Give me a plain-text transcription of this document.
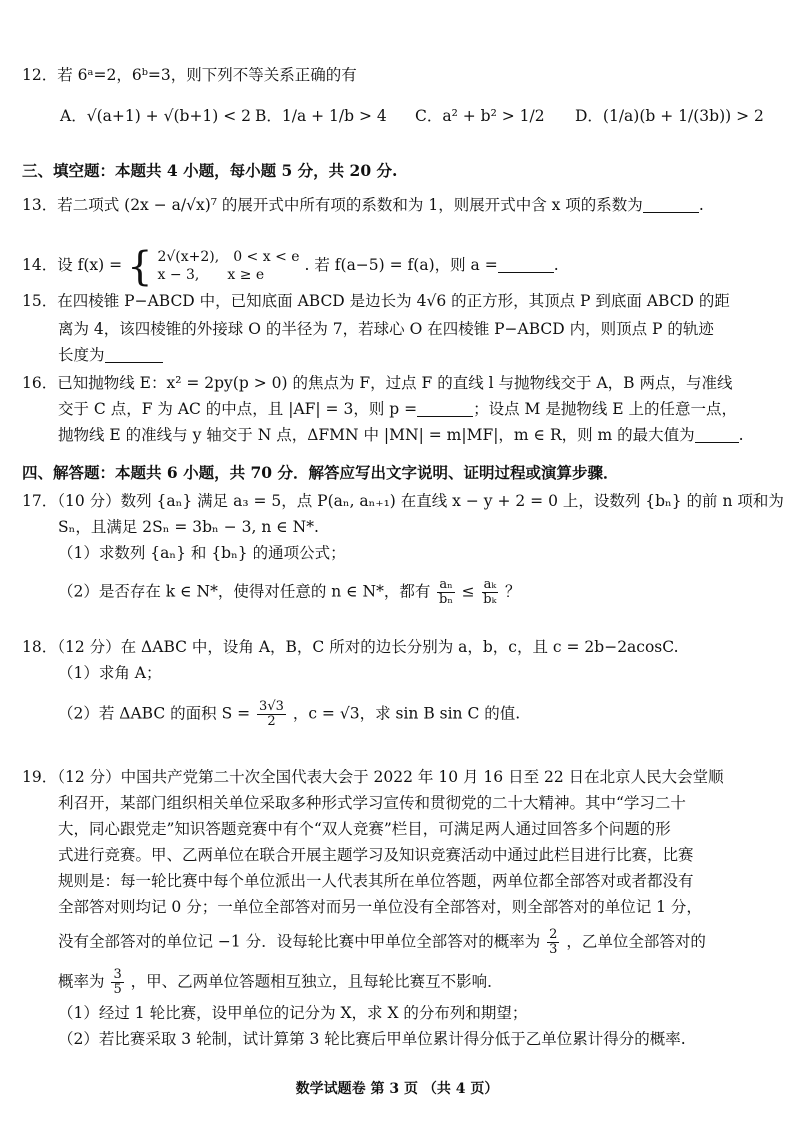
12．若 6ᵃ=2，6ᵇ=3，则下列不等关系正确的有
A．√(a+1) + √(b+1) < 2 B．1/a + 1/b > 4 C．a² + b² > 1/2 D．(1/a)(b + 1/(3b)) > 2
三、填空题：本题共 4 小题，每小题 5 分，共 20 分.
13．若二项式 (2x − a/√x)⁷ 的展开式中所有项的系数和为 1，则展开式中含 x 项的系数为	.
14．设 f(x) = { 2√(x+2),　0 < x < e
x − 3,　　x ≥ e
. 若 f(a−5) = f(a)，则 a =	.
15．在四棱锥 P−ABCD 中，已知底面 ABCD 是边长为 4√6 的正方形，其顶点 P 到底面 ABCD 的距
离为 4，该四棱锥的外接球 O 的半径为 7，若球心 O 在四棱锥 P−ABCD 内，则顶点 P 的轨迹
长度为
16．已知抛物线 E：x² = 2py(p > 0) 的焦点为 F，过点 F 的直线 l 与抛物线交于 A，B 两点，与准线
交于 C 点，F 为 AC 的中点，且 |AF| = 3，则 p =	；设点 M 是抛物线 E 上的任意一点，
抛物线 E 的准线与 y 轴交于 N 点，ΔFMN 中 |MN| = m|MF|，m ∈ R，则 m 的最大值为	.
四、解答题：本题共 6 小题，共 70 分．解答应写出文字说明、证明过程或演算步骤．
17．（10 分）数列 {aₙ} 满足 a₃ = 5，点 P(aₙ, aₙ₊₁) 在直线 x − y + 2 = 0 上，设数列 {bₙ} 的前 n 项和为
Sₙ，且满足 2Sₙ = 3bₙ − 3, n ∈ N*.
（1）求数列 {aₙ} 和 {bₙ} 的通项公式；
（2）是否存在 k ∈ N*，使得对任意的 n ∈ N*，都有 $\frac{\text{aₙ}}{\text{bₙ}} \le \frac{\text{aₖ}}{\text{bₖ}}$ ？
18．（12 分）在 ΔABC 中，设角 A，B，C 所对的边长分别为 a，b，c，且 c = 2b−2acosC.
（1）求角 A；
（2）若 ΔABC 的面积 $S = \frac{3√3}{2}$ ，c = √3，求 sin B sin C 的值.
19．（12 分）中国共产党第二十次全国代表大会于 2022 年 10 月 16 日至 22 日在北京人民大会堂顺
利召开，某部门组织相关单位采取多种形式学习宣传和贯彻党的二十大精神。其中“学习二十
大，同心跟党走”知识答题竞赛中有个“双人竞赛”栏目，可满足两人通过回答多个问题的形
式进行竞赛。甲、乙两单位在联合开展主题学习及知识竞赛活动中通过此栏目进行比赛，比赛
规则是：每一轮比赛中每个单位派出一人代表其所在单位答题，两单位都全部答对或者都没有
全部答对则均记 0 分；一单位全部答对而另一单位没有全部答对，则全部答对的单位记 1 分，
没有全部答对的单位记 −1 分．设每轮比赛中甲单位全部答对的概率为 $\frac{2}{3}$ ，乙单位全部答对的
概率为 $\frac{3}{5}$ ，甲、乙两单位答题相互独立，且每轮比赛互不影响．
（1）经过 1 轮比赛，设甲单位的记分为 X，求 X 的分布列和期望；
（2）若比赛采取 3 轮制，试计算第 3 轮比赛后甲单位累计得分低于乙单位累计得分的概率.
数学试题卷 第 3 页 （共 4 页）
